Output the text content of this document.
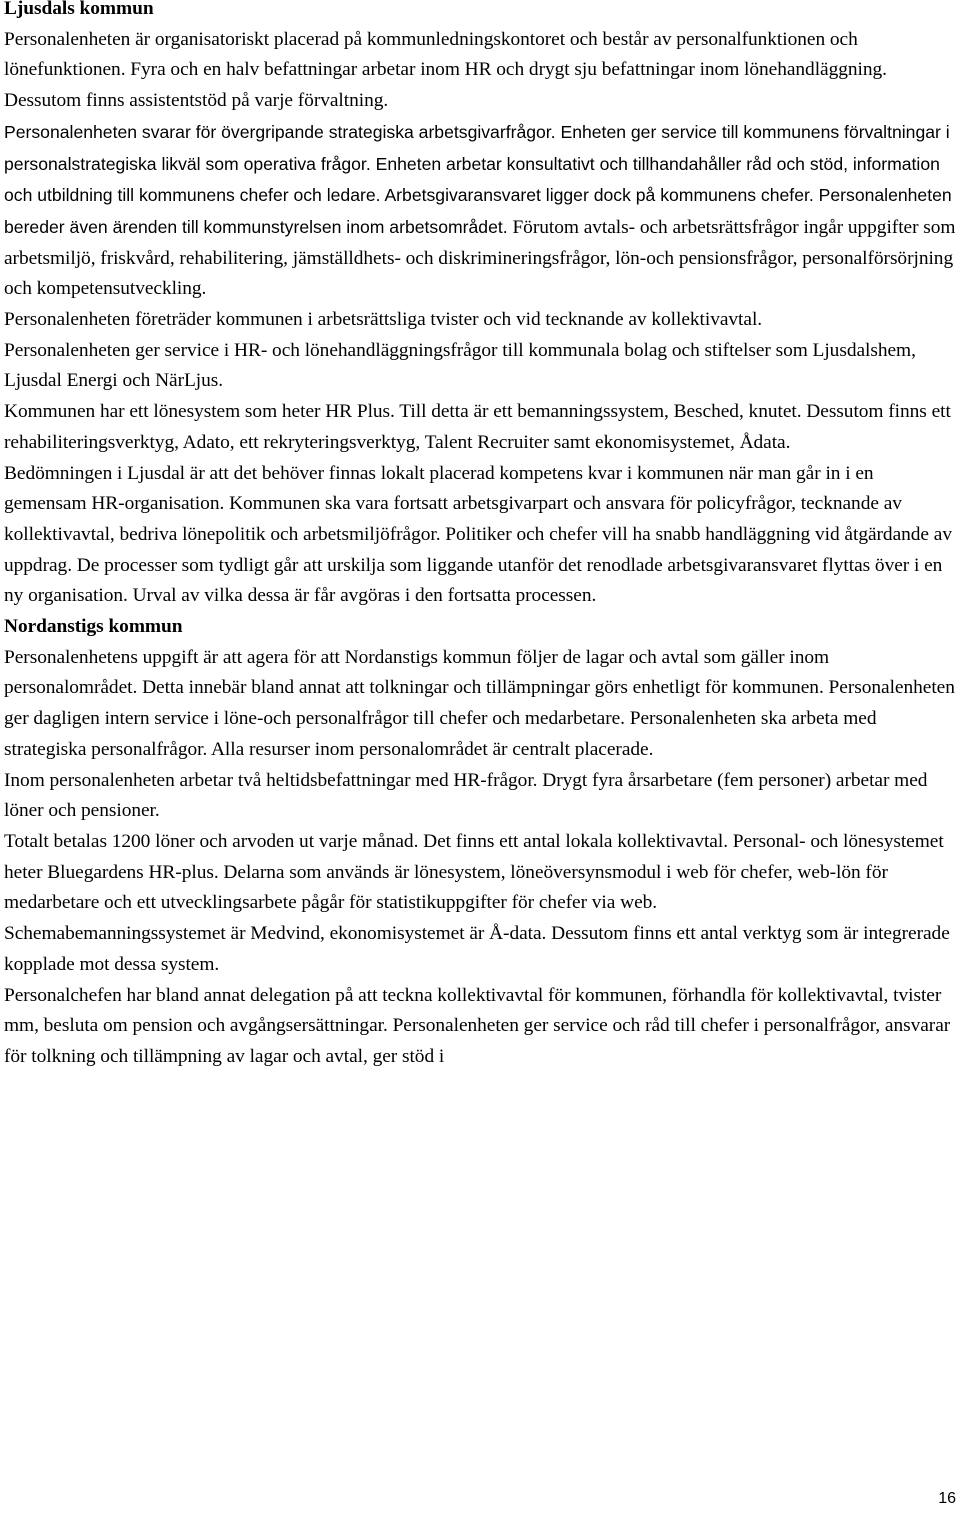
Ljusdals kommun

Personalenheten är organisatoriskt placerad på kommunledningskontoret och består av personalfunktionen och lönefunktionen. Fyra och en halv befattningar arbetar inom HR och drygt sju befattningar inom lönehandläggning. Dessutom finns assistentstöd på varje förvaltning.

Personalenheten svarar för övergripande strategiska arbetsgivarfrågor. Enheten ger service till kommunens förvaltningar i personalstrategiska likväl som operativa frågor. Enheten arbetar konsultativt och tillhandahåller råd och stöd, information och utbildning till kommunens chefer och ledare. Arbetsgivaransvaret ligger dock på kommunens chefer. Personalenheten bereder även ärenden till kommunstyrelsen inom arbetsområdet. Förutom avtals- och arbetsrättsfrågor ingår uppgifter som arbetsmiljö, friskvård, rehabilitering, jämställdhets- och diskrimineringsfrågor, lön-och pensionsfrågor, personalförsörjning och kompetensutveckling.

Personalenheten företräder kommunen i arbetsrättsliga tvister och vid tecknande av kollektivavtal.

Personalenheten ger service i HR- och lönehandläggningsfrågor till kommunala bolag och stiftelser som Ljusdalshem, Ljusdal Energi och NärLjus.

Kommunen har ett lönesystem som heter HR Plus. Till detta är ett bemanningssystem, Besched, knutet. Dessutom finns ett rehabiliteringsverktyg, Adato, ett rekryteringsverktyg, Talent Recruiter samt ekonomisystemet, Ådata.

Bedömningen i Ljusdal är att det behöver finnas lokalt placerad kompetens kvar i kommunen när man går in i en gemensam HR-organisation. Kommunen ska vara fortsatt arbetsgivarpart och ansvara för policyfrågor, tecknande av kollektivavtal, bedriva lönepolitik och arbetsmiljöfrågor. Politiker och chefer vill ha snabb handläggning vid åtgärdande av uppdrag. De processer som tydligt går att urskilja som liggande utanför det renodlade arbetsgivaransvaret flyttas över i en ny organisation. Urval av vilka dessa är får avgöras i den fortsatta processen.

Nordanstigs kommun

Personalenhetens uppgift är att agera för att Nordanstigs kommun följer de lagar och avtal som gäller inom personalområdet. Detta innebär bland annat att tolkningar och tillämpningar görs enhetligt för kommunen. Personalenheten ger dagligen intern service i löne-och personalfrågor till chefer och medarbetare. Personalenheten ska arbeta med strategiska personalfrågor. Alla resurser inom personalområdet är centralt placerade.

Inom personalenheten arbetar två heltidsbefattningar med HR-frågor. Drygt fyra årsarbetare (fem personer) arbetar med löner och pensioner.

Totalt betalas 1200 löner och arvoden ut varje månad. Det finns ett antal lokala kollektivavtal. Personal- och lönesystemet heter Bluegardens HR-plus. Delarna som används är lönesystem, löneöversynsmodul i web för chefer, web-lön för medarbetare och ett utvecklingsarbete pågår för statistikuppgifter för chefer via web.

Schemabemanningssystemet är Medvind, ekonomisystemet är Å-data. Dessutom finns ett antal verktyg som är integrerade kopplade mot dessa system.

Personalchefen har bland annat delegation på att teckna kollektivavtal för kommunen, förhandla för kollektivavtal, tvister mm, besluta om pension och avgångsersättningar. Personalenheten ger service och råd till chefer i personalfrågor, ansvarar för tolkning och tillämpning av lagar och avtal, ger stöd i

16
